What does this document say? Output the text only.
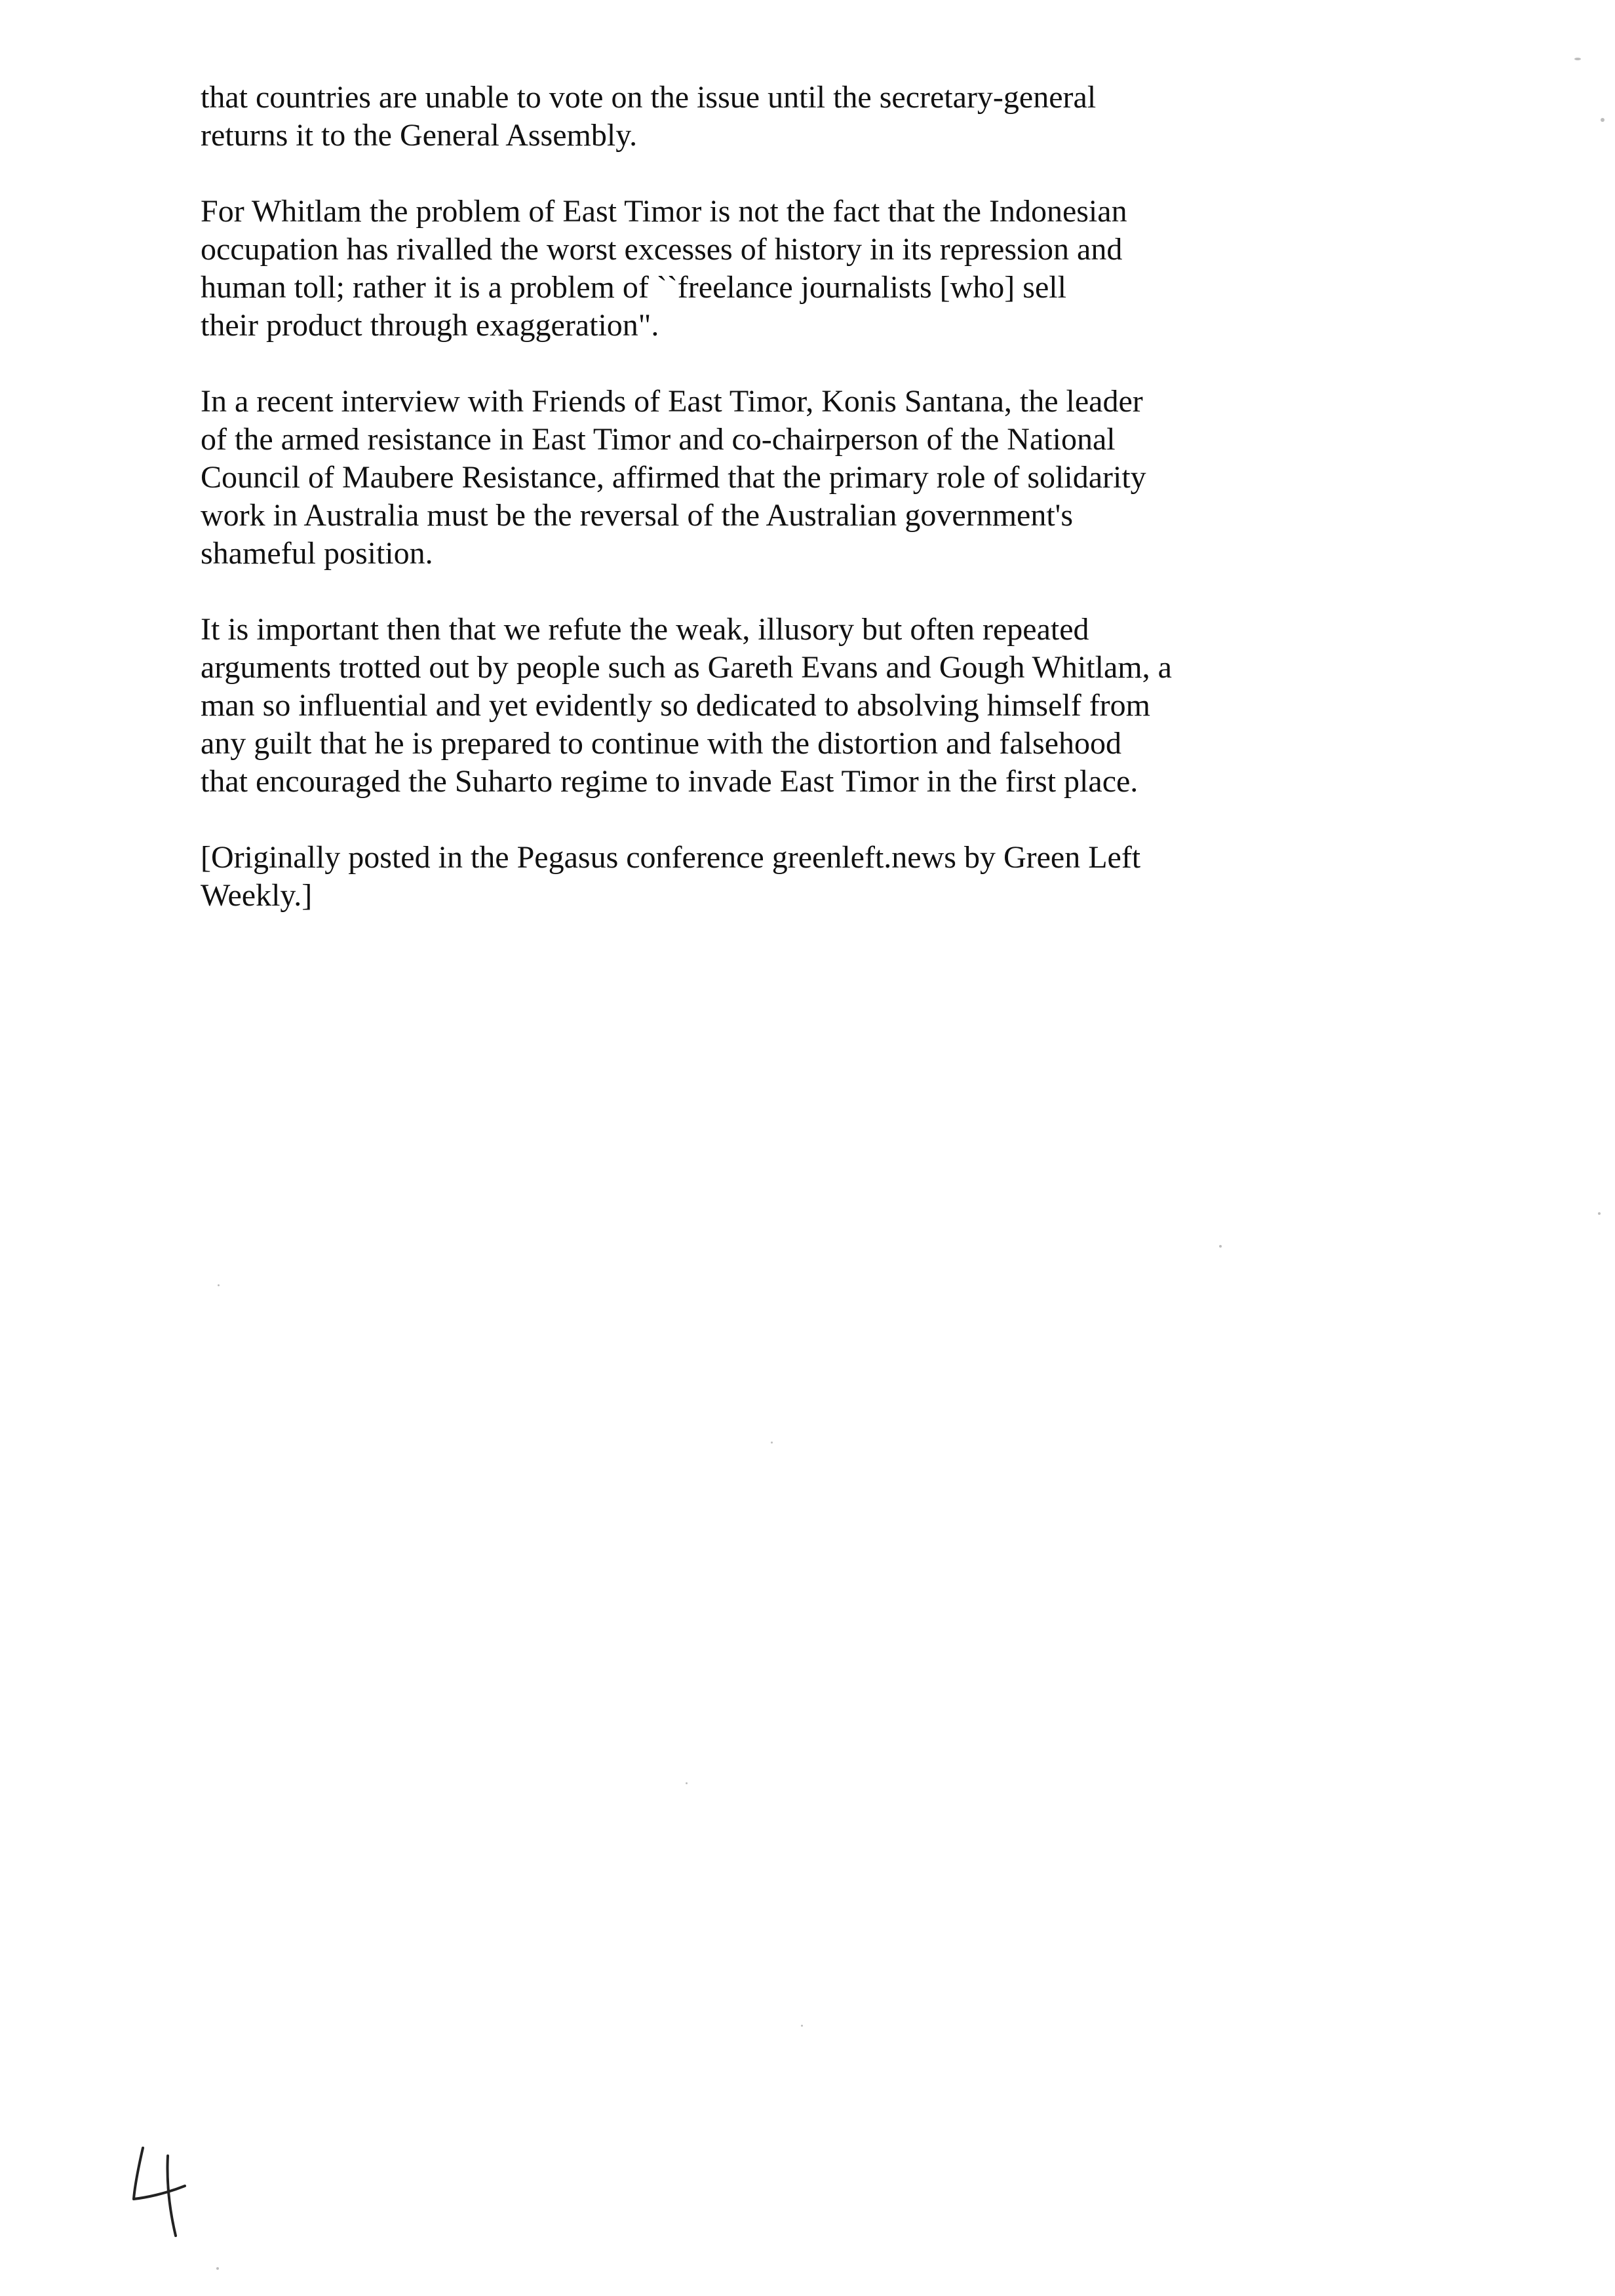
that countries are unable to vote on the issue until the secretary-general
returns it to the General Assembly.

For Whitlam the problem of East Timor is not the fact that the Indonesian
occupation has rivalled the worst excesses of history in its repression and
human toll; rather it is a problem of ``freelance journalists [who] sell
their product through exaggeration".

In a recent interview with Friends of East Timor, Konis Santana, the leader
of the armed resistance in East Timor and co-chairperson of the National
Council of Maubere Resistance, affirmed that the primary role of solidarity
work in Australia must be the reversal of the Australian government's
shameful position.

It is important then that we refute the weak, illusory but often repeated
arguments trotted out by people such as Gareth Evans and Gough Whitlam, a
man so influential and yet evidently so dedicated to absolving himself from
any guilt that he is prepared to continue with the distortion and falsehood
that encouraged the Suharto regime to invade East Timor in the first place.

[Originally posted in the Pegasus conference greenleft.news by Green Left
Weekly.]
